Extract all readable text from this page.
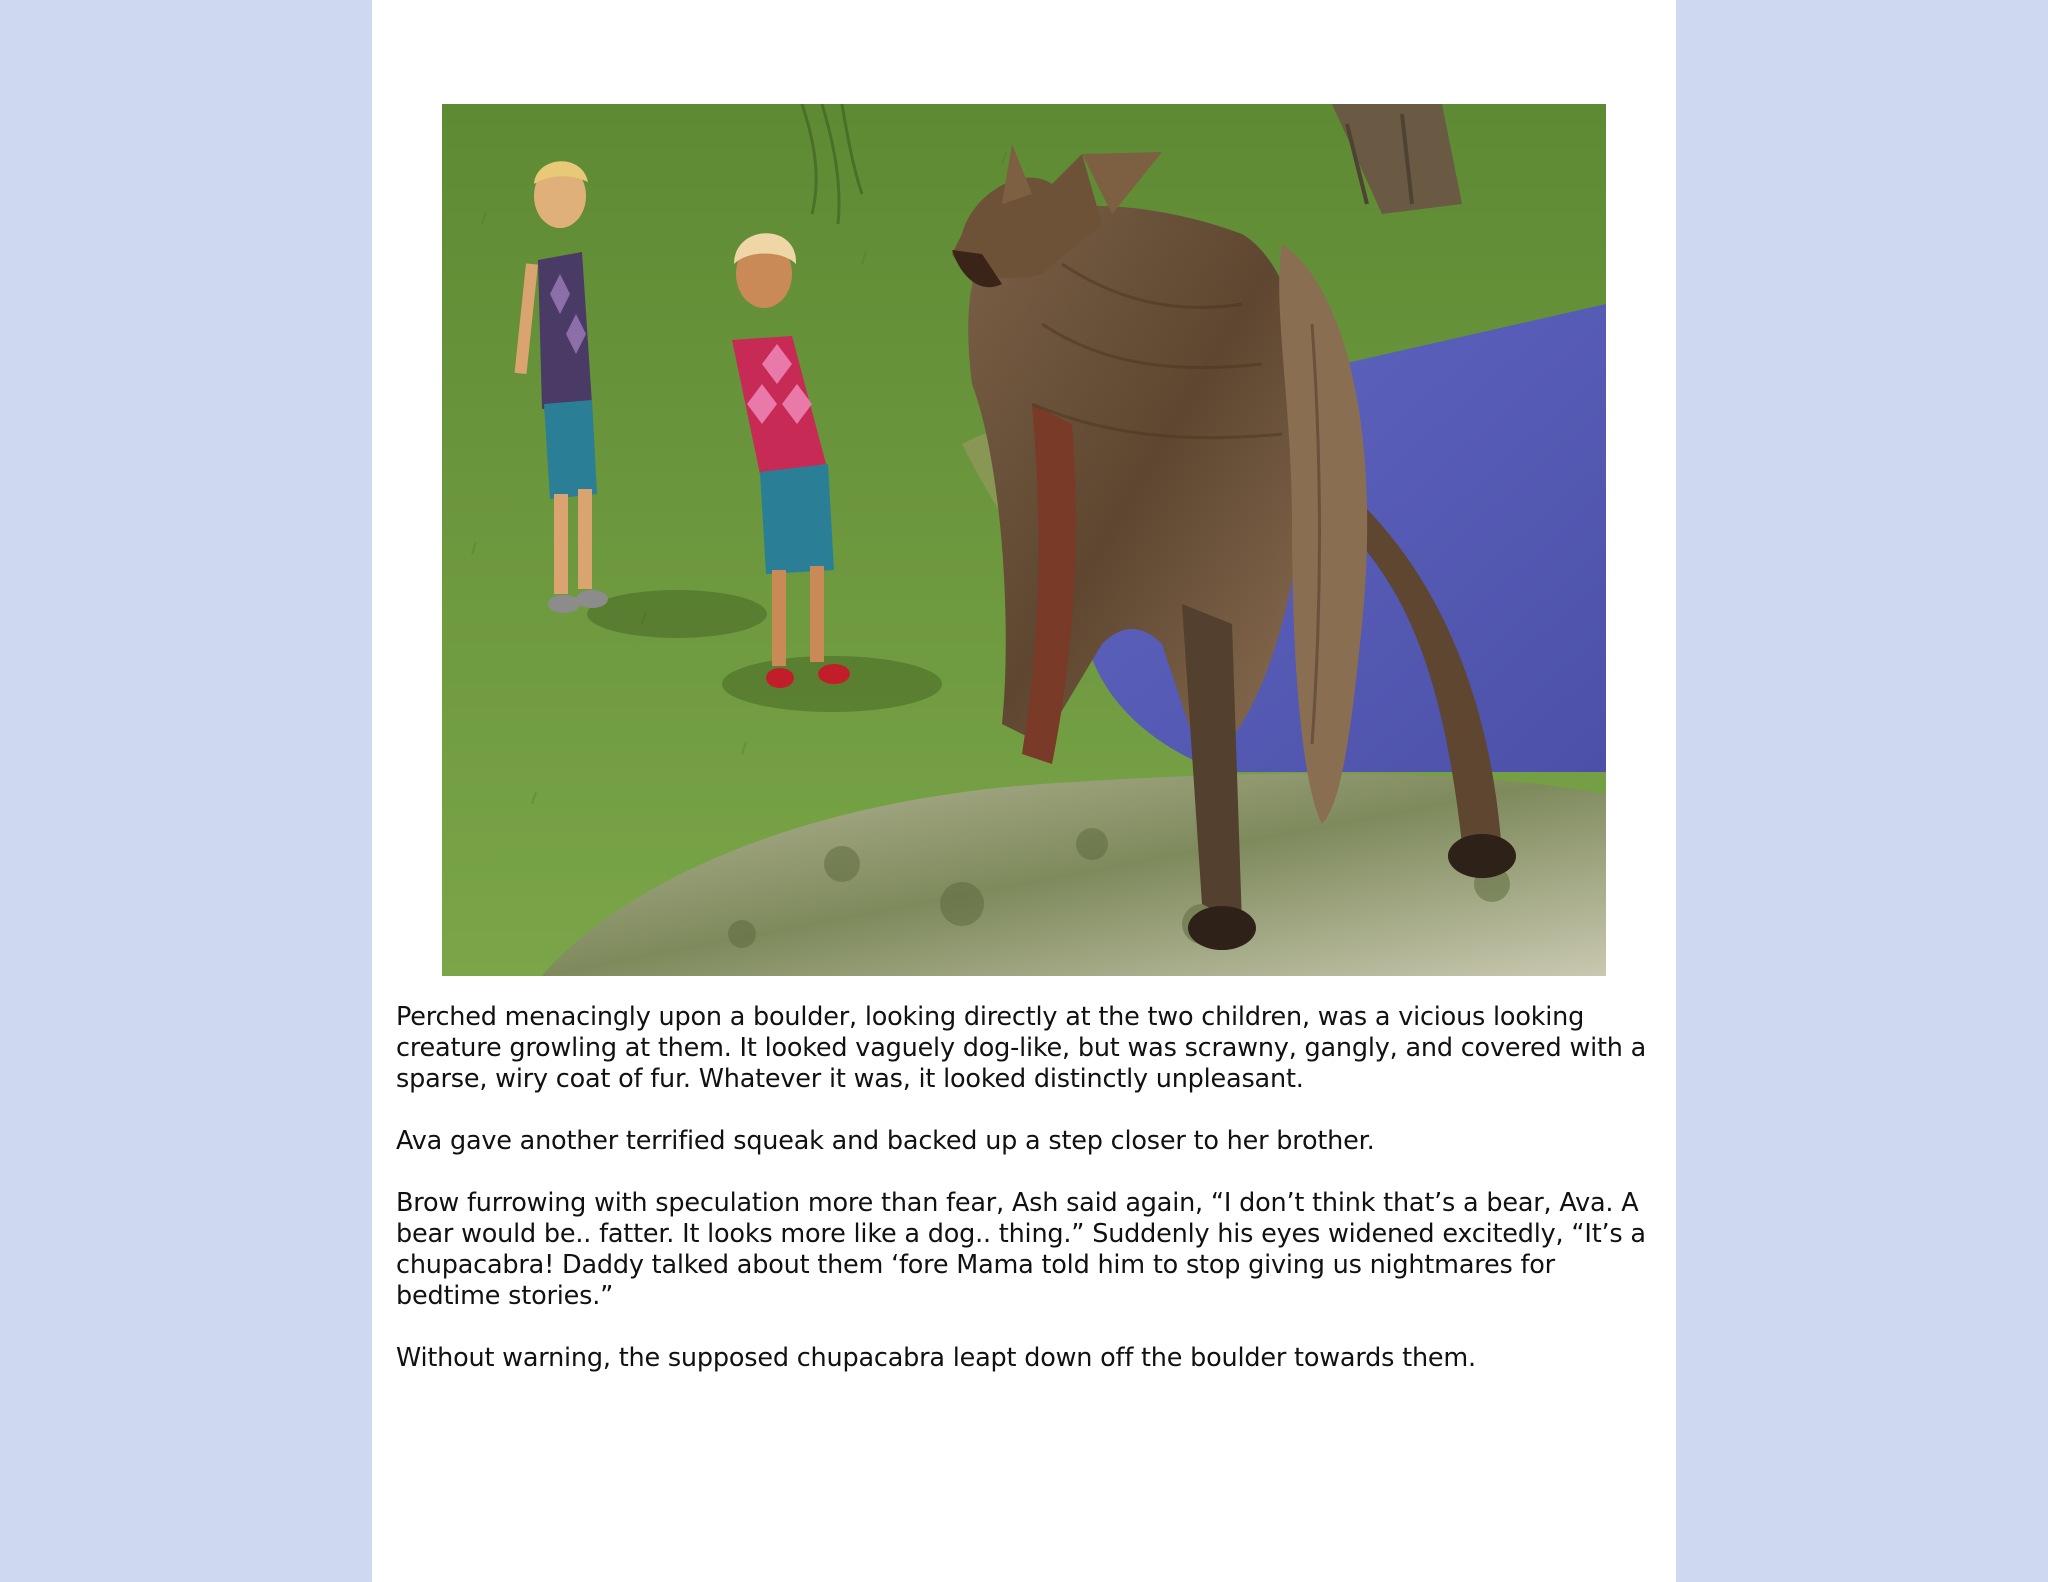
Perched menacingly upon a boulder, looking directly at the two children, was a vicious looking creature growling at them. It looked vaguely dog-like, but was scrawny, gangly, and covered with a sparse, wiry coat of fur. Whatever it was, it looked distinctly unpleasant.

Ava gave another terrified squeak and backed up a step closer to her brother.

Brow furrowing with speculation more than fear, Ash said again, “I don’t think that’s a bear, Ava. A bear would be.. fatter. It looks more like a dog.. thing.” Suddenly his eyes widened excitedly, “It’s a chupacabra! Daddy talked about them ‘fore Mama told him to stop giving us nightmares for bedtime stories.”

Without warning, the supposed chupacabra leapt down off the boulder towards them.
